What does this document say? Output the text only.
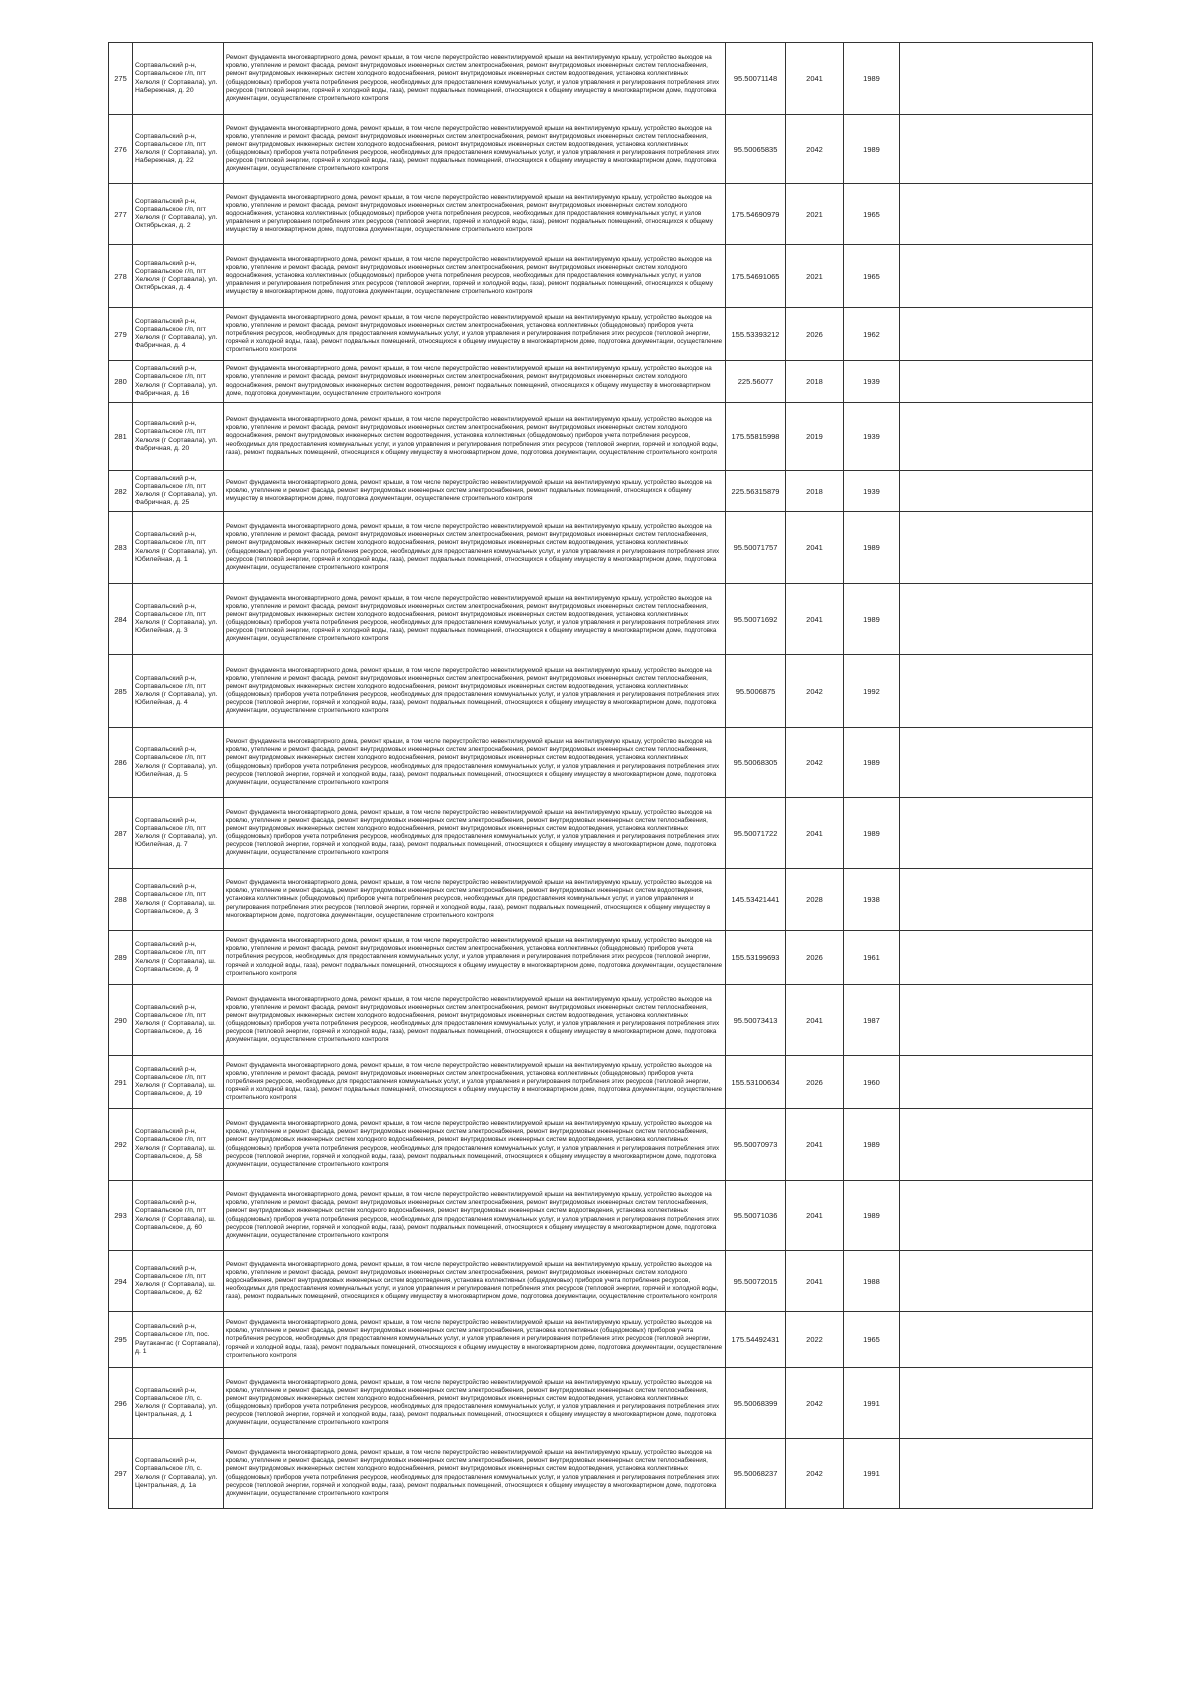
275	Сортавальский р-н, Сортавальское г/п, пгт Хелюля (г Сортавала), ул. Набережная, д. 20	Ремонт фундамента многоквартирного дома, ремонт крыши, в том числе переустройство невентилируемой крыши на вентилируемую крышу, устройство выходов на кровлю, утепление и ремонт фасада, ремонт внутридомовых инженерных систем электроснабжения, ремонт внутридомовых инженерных систем теплоснабжения, ремонт внутридомовых инженерных систем холодного водоснабжения, ремонт внутридомовых инженерных систем водоотведения, установка коллективных (общедомовых) приборов учета потребления ресурсов, необходимых для предоставления коммунальных услуг, и узлов управления и регулирования потребления этих ресурсов (тепловой энергии, горячей и холодной воды, газа), ремонт подвальных помещений, относящихся к общему имуществу в многоквартирном доме, подготовка документации, осуществление строительного контроля	95.50071148	2041	1989	
276	Сортавальский р-н, Сортавальское г/п, пгт Хелюля (г Сортавала), ул. Набережная, д. 22	Ремонт фундамента многоквартирного дома, ремонт крыши, в том числе переустройство невентилируемой крыши на вентилируемую крышу, устройство выходов на кровлю, утепление и ремонт фасада, ремонт внутридомовых инженерных систем электроснабжения, ремонт внутридомовых инженерных систем теплоснабжения, ремонт внутридомовых инженерных систем холодного водоснабжения, ремонт внутридомовых инженерных систем водоотведения, установка коллективных (общедомовых) приборов учета потребления ресурсов, необходимых для предоставления коммунальных услуг, и узлов управления и регулирования потребления этих ресурсов (тепловой энергии, горячей и холодной воды, газа), ремонт подвальных помещений, относящихся к общему имуществу в многоквартирном доме, подготовка документации, осуществление строительного контроля	95.50065835	2042	1989	
277	Сортавальский р-н, Сортавальское г/п, пгт Хелюля (г Сортавала), ул. Октябрьская, д. 2	Ремонт фундамента многоквартирного дома, ремонт крыши, в том числе переустройство невентилируемой крыши на вентилируемую крышу, устройство выходов на кровлю, утепление и ремонт фасада, ремонт внутридомовых инженерных систем электроснабжения, ремонт внутридомовых инженерных систем холодного водоснабжения, установка коллективных (общедомовых) приборов учета потребления ресурсов, необходимых для предоставления коммунальных услуг, и узлов управления и регулирования потребления этих ресурсов (тепловой энергии, горячей и холодной воды, газа), ремонт подвальных помещений, относящихся к общему имуществу в многоквартирном доме, подготовка документации, осуществление строительного контроля	175.54690979	2021	1965	
278	Сортавальский р-н, Сортавальское г/п, пгт Хелюля (г Сортавала), ул. Октябрьская, д. 4	Ремонт фундамента многоквартирного дома, ремонт крыши, в том числе переустройство невентилируемой крыши на вентилируемую крышу, устройство выходов на кровлю, утепление и ремонт фасада, ремонт внутридомовых инженерных систем электроснабжения, ремонт внутридомовых инженерных систем холодного водоснабжения, установка коллективных (общедомовых) приборов учета потребления ресурсов, необходимых для предоставления коммунальных услуг, и узлов управления и регулирования потребления этих ресурсов (тепловой энергии, горячей и холодной воды, газа), ремонт подвальных помещений, относящихся к общему имуществу в многоквартирном доме, подготовка документации, осуществление строительного контроля	175.54691065	2021	1965	
279	Сортавальский р-н, Сортавальское г/п, пгт Хелюля (г Сортавала), ул. Фабричная, д. 4	Ремонт фундамента многоквартирного дома, ремонт крыши, в том числе переустройство невентилируемой крыши на вентилируемую крышу, устройство выходов на кровлю, утепление и ремонт фасада, ремонт внутридомовых инженерных систем электроснабжения, установка коллективных (общедомовых) приборов учета потребления ресурсов, необходимых для предоставления коммунальных услуг, и узлов управления и регулирования потребления этих ресурсов (тепловой энергии, горячей и холодной воды, газа), ремонт подвальных помещений, относящихся к общему имуществу в многоквартирном доме, подготовка документации, осуществление строительного контроля	155.53393212	2026	1962	
280	Сортавальский р-н, Сортавальское г/п, пгт Хелюля (г Сортавала), ул. Фабричная, д. 16	Ремонт фундамента многоквартирного дома, ремонт крыши, в том числе переустройство невентилируемой крыши на вентилируемую крышу, устройство выходов на кровлю, утепление и ремонт фасада, ремонт внутридомовых инженерных систем электроснабжения, ремонт внутридомовых инженерных систем холодного водоснабжения, ремонт внутридомовых инженерных систем водоотведения, ремонт подвальных помещений, относящихся к общему имуществу в многоквартирном доме, подготовка документации, осуществление строительного контроля	225.56077	2018	1939	
281	Сортавальский р-н, Сортавальское г/п, пгт Хелюля (г Сортавала), ул. Фабричная, д. 20	Ремонт фундамента многоквартирного дома, ремонт крыши, в том числе переустройство невентилируемой крыши на вентилируемую крышу, устройство выходов на кровлю, утепление и ремонт фасада, ремонт внутридомовых инженерных систем электроснабжения, ремонт внутридомовых инженерных систем холодного водоснабжения, ремонт внутридомовых инженерных систем водоотведения, установка коллективных (общедомовых) приборов учета потребления ресурсов, необходимых для предоставления коммунальных услуг, и узлов управления и регулирования потребления этих ресурсов (тепловой энергии, горячей и холодной воды, газа), ремонт подвальных помещений, относящихся к общему имуществу в многоквартирном доме, подготовка документации, осуществление строительного контроля	175.55815998	2019	1939	
282	Сортавальский р-н, Сортавальское г/п, пгт Хелюля (г Сортавала), ул. Фабричная, д. 25	Ремонт фундамента многоквартирного дома, ремонт крыши, в том числе переустройство невентилируемой крыши на вентилируемую крышу, устройство выходов на кровлю, утепление и ремонт фасада, ремонт внутридомовых инженерных систем электроснабжения, ремонт подвальных помещений, относящихся к общему имуществу в многоквартирном доме, подготовка документации, осуществление строительного контроля	225.56315879	2018	1939	
283	Сортавальский р-н, Сортавальское г/п, пгт Хелюля (г Сортавала), ул. Юбилейная, д. 1	Ремонт фундамента многоквартирного дома, ремонт крыши, в том числе переустройство невентилируемой крыши на вентилируемую крышу, устройство выходов на кровлю, утепление и ремонт фасада, ремонт внутридомовых инженерных систем электроснабжения, ремонт внутридомовых инженерных систем теплоснабжения, ремонт внутридомовых инженерных систем холодного водоснабжения, ремонт внутридомовых инженерных систем водоотведения, установка коллективных (общедомовых) приборов учета потребления ресурсов, необходимых для предоставления коммунальных услуг, и узлов управления и регулирования потребления этих ресурсов (тепловой энергии, горячей и холодной воды, газа), ремонт подвальных помещений, относящихся к общему имуществу в многоквартирном доме, подготовка документации, осуществление строительного контроля	95.50071757	2041	1989	
284	Сортавальский р-н, Сортавальское г/п, пгт Хелюля (г Сортавала), ул. Юбилейная, д. 3	Ремонт фундамента многоквартирного дома, ремонт крыши, в том числе переустройство невентилируемой крыши на вентилируемую крышу, устройство выходов на кровлю, утепление и ремонт фасада, ремонт внутридомовых инженерных систем электроснабжения, ремонт внутридомовых инженерных систем теплоснабжения, ремонт внутридомовых инженерных систем холодного водоснабжения, ремонт внутридомовых инженерных систем водоотведения, установка коллективных (общедомовых) приборов учета потребления ресурсов, необходимых для предоставления коммунальных услуг, и узлов управления и регулирования потребления этих ресурсов (тепловой энергии, горячей и холодной воды, газа), ремонт подвальных помещений, относящихся к общему имуществу в многоквартирном доме, подготовка документации, осуществление строительного контроля	95.50071692	2041	1989	
285	Сортавальский р-н, Сортавальское г/п, пгт Хелюля (г Сортавала), ул. Юбилейная, д. 4	Ремонт фундамента многоквартирного дома, ремонт крыши, в том числе переустройство невентилируемой крыши на вентилируемую крышу, устройство выходов на кровлю, утепление и ремонт фасада, ремонт внутридомовых инженерных систем электроснабжения, ремонт внутридомовых инженерных систем теплоснабжения, ремонт внутридомовых инженерных систем холодного водоснабжения, ремонт внутридомовых инженерных систем водоотведения, установка коллективных (общедомовых) приборов учета потребления ресурсов, необходимых для предоставления коммунальных услуг, и узлов управления и регулирования потребления этих ресурсов (тепловой энергии, горячей и холодной воды, газа), ремонт подвальных помещений, относящихся к общему имуществу в многоквартирном доме, подготовка документации, осуществление строительного контроля	95.5006875	2042	1992	
286	Сортавальский р-н, Сортавальское г/п, пгт Хелюля (г Сортавала), ул. Юбилейная, д. 5	Ремонт фундамента многоквартирного дома, ремонт крыши, в том числе переустройство невентилируемой крыши на вентилируемую крышу, устройство выходов на кровлю, утепление и ремонт фасада, ремонт внутридомовых инженерных систем электроснабжения, ремонт внутридомовых инженерных систем теплоснабжения, ремонт внутридомовых инженерных систем холодного водоснабжения, ремонт внутридомовых инженерных систем водоотведения, установка коллективных (общедомовых) приборов учета потребления ресурсов, необходимых для предоставления коммунальных услуг, и узлов управления и регулирования потребления этих ресурсов (тепловой энергии, горячей и холодной воды, газа), ремонт подвальных помещений, относящихся к общему имуществу в многоквартирном доме, подготовка документации, осуществление строительного контроля	95.50068305	2042	1989	
287	Сортавальский р-н, Сортавальское г/п, пгт Хелюля (г Сортавала), ул. Юбилейная, д. 7	Ремонт фундамента многоквартирного дома, ремонт крыши, в том числе переустройство невентилируемой крыши на вентилируемую крышу, устройство выходов на кровлю, утепление и ремонт фасада, ремонт внутридомовых инженерных систем электроснабжения, ремонт внутридомовых инженерных систем теплоснабжения, ремонт внутридомовых инженерных систем холодного водоснабжения, ремонт внутридомовых инженерных систем водоотведения, установка коллективных (общедомовых) приборов учета потребления ресурсов, необходимых для предоставления коммунальных услуг, и узлов управления и регулирования потребления этих ресурсов (тепловой энергии, горячей и холодной воды, газа), ремонт подвальных помещений, относящихся к общему имуществу в многоквартирном доме, подготовка документации, осуществление строительного контроля	95.50071722	2041	1989	
288	Сортавальский р-н, Сортавальское г/п, пгт Хелюля (г Сортавала), ш. Сортавальское, д. 3	Ремонт фундамента многоквартирного дома, ремонт крыши, в том числе переустройство невентилируемой крыши на вентилируемую крышу, устройство выходов на кровлю, утепление и ремонт фасада, ремонт внутридомовых инженерных систем электроснабжения, ремонт внутридомовых инженерных систем водоотведения, установка коллективных (общедомовых) приборов учета потребления ресурсов, необходимых для предоставления коммунальных услуг, и узлов управления и регулирования потребления этих ресурсов (тепловой энергии, горячей и холодной воды, газа), ремонт подвальных помещений, относящихся к общему имуществу в многоквартирном доме, подготовка документации, осуществление строительного контроля	145.53421441	2028	1938	
289	Сортавальский р-н, Сортавальское г/п, пгт Хелюля (г Сортавала), ш. Сортавальское, д. 9	Ремонт фундамента многоквартирного дома, ремонт крыши, в том числе переустройство невентилируемой крыши на вентилируемую крышу, устройство выходов на кровлю, утепление и ремонт фасада, ремонт внутридомовых инженерных систем электроснабжения, установка коллективных (общедомовых) приборов учета потребления ресурсов, необходимых для предоставления коммунальных услуг, и узлов управления и регулирования потребления этих ресурсов (тепловой энергии, горячей и холодной воды, газа), ремонт подвальных помещений, относящихся к общему имуществу в многоквартирном доме, подготовка документации, осуществление строительного контроля	155.53199693	2026	1961	
290	Сортавальский р-н, Сортавальское г/п, пгт Хелюля (г Сортавала), ш. Сортавальское, д. 16	Ремонт фундамента многоквартирного дома, ремонт крыши, в том числе переустройство невентилируемой крыши на вентилируемую крышу, устройство выходов на кровлю, утепление и ремонт фасада, ремонт внутридомовых инженерных систем электроснабжения, ремонт внутридомовых инженерных систем теплоснабжения, ремонт внутридомовых инженерных систем холодного водоснабжения, ремонт внутридомовых инженерных систем водоотведения, установка коллективных (общедомовых) приборов учета потребления ресурсов, необходимых для предоставления коммунальных услуг, и узлов управления и регулирования потребления этих ресурсов (тепловой энергии, горячей и холодной воды, газа), ремонт подвальных помещений, относящихся к общему имуществу в многоквартирном доме, подготовка документации, осуществление строительного контроля	95.50073413	2041	1987	
291	Сортавальский р-н, Сортавальское г/п, пгт Хелюля (г Сортавала), ш. Сортавальское, д. 19	Ремонт фундамента многоквартирного дома, ремонт крыши, в том числе переустройство невентилируемой крыши на вентилируемую крышу, устройство выходов на кровлю, утепление и ремонт фасада, ремонт внутридомовых инженерных систем электроснабжения, установка коллективных (общедомовых) приборов учета потребления ресурсов, необходимых для предоставления коммунальных услуг, и узлов управления и регулирования потребления этих ресурсов (тепловой энергии, горячей и холодной воды, газа), ремонт подвальных помещений, относящихся к общему имуществу в многоквартирном доме, подготовка документации, осуществление строительного контроля	155.53100634	2026	1960	
292	Сортавальский р-н, Сортавальское г/п, пгт Хелюля (г Сортавала), ш. Сортавальское, д. 58	Ремонт фундамента многоквартирного дома, ремонт крыши, в том числе переустройство невентилируемой крыши на вентилируемую крышу, устройство выходов на кровлю, утепление и ремонт фасада, ремонт внутридомовых инженерных систем электроснабжения, ремонт внутридомовых инженерных систем теплоснабжения, ремонт внутридомовых инженерных систем холодного водоснабжения, ремонт внутридомовых инженерных систем водоотведения, установка коллективных (общедомовых) приборов учета потребления ресурсов, необходимых для предоставления коммунальных услуг, и узлов управления и регулирования потребления этих ресурсов (тепловой энергии, горячей и холодной воды, газа), ремонт подвальных помещений, относящихся к общему имуществу в многоквартирном доме, подготовка документации, осуществление строительного контроля	95.50070973	2041	1989	
293	Сортавальский р-н, Сортавальское г/п, пгт Хелюля (г Сортавала), ш. Сортавальское, д. 60	Ремонт фундамента многоквартирного дома, ремонт крыши, в том числе переустройство невентилируемой крыши на вентилируемую крышу, устройство выходов на кровлю, утепление и ремонт фасада, ремонт внутридомовых инженерных систем электроснабжения, ремонт внутридомовых инженерных систем теплоснабжения, ремонт внутридомовых инженерных систем холодного водоснабжения, ремонт внутридомовых инженерных систем водоотведения, установка коллективных (общедомовых) приборов учета потребления ресурсов, необходимых для предоставления коммунальных услуг, и узлов управления и регулирования потребления этих ресурсов (тепловой энергии, горячей и холодной воды, газа), ремонт подвальных помещений, относящихся к общему имуществу в многоквартирном доме, подготовка документации, осуществление строительного контроля	95.50071036	2041	1989	
294	Сортавальский р-н, Сортавальское г/п, пгт Хелюля (г Сортавала), ш. Сортавальское, д. 62	Ремонт фундамента многоквартирного дома, ремонт крыши, в том числе переустройство невентилируемой крыши на вентилируемую крышу, устройство выходов на кровлю, утепление и ремонт фасада, ремонт внутридомовых инженерных систем электроснабжения, ремонт внутридомовых инженерных систем холодного водоснабжения, ремонт внутридомовых инженерных систем водоотведения, установка коллективных (общедомовых) приборов учета потребления ресурсов, необходимых для предоставления коммунальных услуг, и узлов управления и регулирования потребления этих ресурсов (тепловой энергии, горячей и холодной воды, газа), ремонт подвальных помещений, относящихся к общему имуществу в многоквартирном доме, подготовка документации, осуществление строительного контроля	95.50072015	2041	1988	
295	Сортавальский р-н, Сортавальское г/п, пос. Раутакангас (г Сортавала), д. 1	Ремонт фундамента многоквартирного дома, ремонт крыши, в том числе переустройство невентилируемой крыши на вентилируемую крышу, устройство выходов на кровлю, утепление и ремонт фасада, ремонт внутридомовых инженерных систем электроснабжения, установка коллективных (общедомовых) приборов учета потребления ресурсов, необходимых для предоставления коммунальных услуг, и узлов управления и регулирования потребления этих ресурсов (тепловой энергии, горячей и холодной воды, газа), ремонт подвальных помещений, относящихся к общему имуществу в многоквартирном доме, подготовка документации, осуществление строительного контроля	175.54492431	2022	1965	
296	Сортавальский р-н, Сортавальское г/п, с. Хелюля (г Сортавала), ул. Центральная, д. 1	Ремонт фундамента многоквартирного дома, ремонт крыши, в том числе переустройство невентилируемой крыши на вентилируемую крышу, устройство выходов на кровлю, утепление и ремонт фасада, ремонт внутридомовых инженерных систем электроснабжения, ремонт внутридомовых инженерных систем теплоснабжения, ремонт внутридомовых инженерных систем холодного водоснабжения, ремонт внутридомовых инженерных систем водоотведения, установка коллективных (общедомовых) приборов учета потребления ресурсов, необходимых для предоставления коммунальных услуг, и узлов управления и регулирования потребления этих ресурсов (тепловой энергии, горячей и холодной воды, газа), ремонт подвальных помещений, относящихся к общему имуществу в многоквартирном доме, подготовка документации, осуществление строительного контроля	95.50068399	2042	1991	
297	Сортавальский р-н, Сортавальское г/п, с. Хелюля (г Сортавала), ул. Центральная, д. 1а	Ремонт фундамента многоквартирного дома, ремонт крыши, в том числе переустройство невентилируемой крыши на вентилируемую крышу, устройство выходов на кровлю, утепление и ремонт фасада, ремонт внутридомовых инженерных систем электроснабжения, ремонт внутридомовых инженерных систем теплоснабжения, ремонт внутридомовых инженерных систем холодного водоснабжения, ремонт внутридомовых инженерных систем водоотведения, установка коллективных (общедомовых) приборов учета потребления ресурсов, необходимых для предоставления коммунальных услуг, и узлов управления и регулирования потребления этих ресурсов (тепловой энергии, горячей и холодной воды, газа), ремонт подвальных помещений, относящихся к общему имуществу в многоквартирном доме, подготовка документации, осуществление строительного контроля	95.50068237	2042	1991	
